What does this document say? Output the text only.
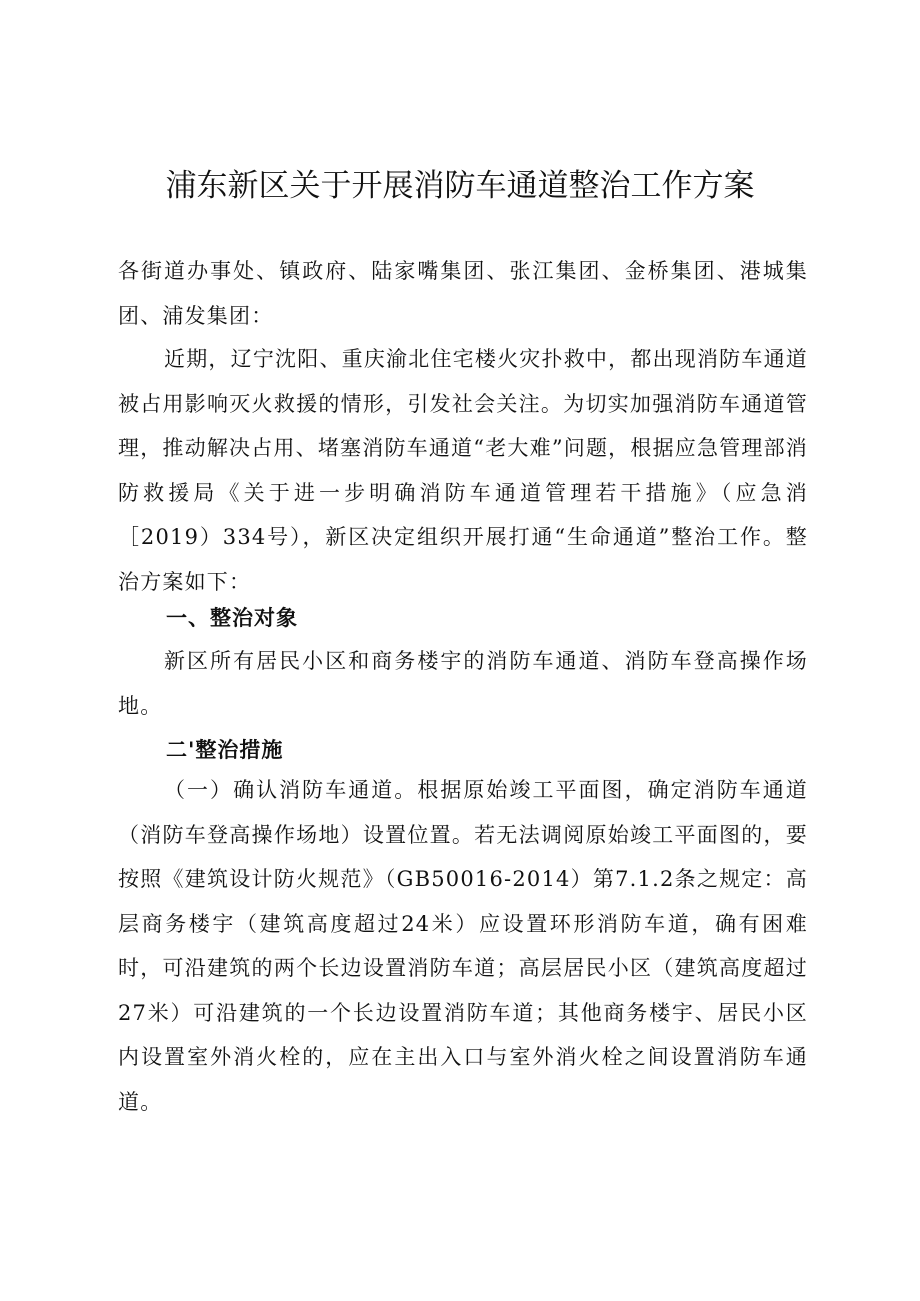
浦东新区关于开展消防车通道整治工作方案

各街道办事处、镇政府、陆家嘴集团、张江集团、金桥集团、港城集团、浦发集团：

近期，辽宁沈阳、重庆渝北住宅楼火灾扑救中，都出现消防车通道被占用影响灭火救援的情形，引发社会关注。为切实加强消防车通道管理，推动解决占用、堵塞消防车通道“老大难”问题，根据应急管理部消防救援局《关于进一步明确消防车通道管理若干措施》（应急消［2019）334号），新区决定组织开展打通“生命通道”整治工作。整治方案如下：

一、整治对象

新区所有居民小区和商务楼宇的消防车通道、消防车登高操作场地。

二'整治措施

（一）确认消防车通道。根据原始竣工平面图，确定消防车通道（消防车登高操作场地）设置位置。若无法调阅原始竣工平面图的，要按照《建筑设计防火规范》（GB50016-2014）第7.1.2条之规定：高层商务楼宇（建筑高度超过24米）应设置环形消防车道，确有困难时，可沿建筑的两个长边设置消防车道；高层居民小区（建筑高度超过27米）可沿建筑的一个长边设置消防车道；其他商务楼宇、居民小区内设置室外消火栓的，应在主出入口与室外消火栓之间设置消防车通道。
